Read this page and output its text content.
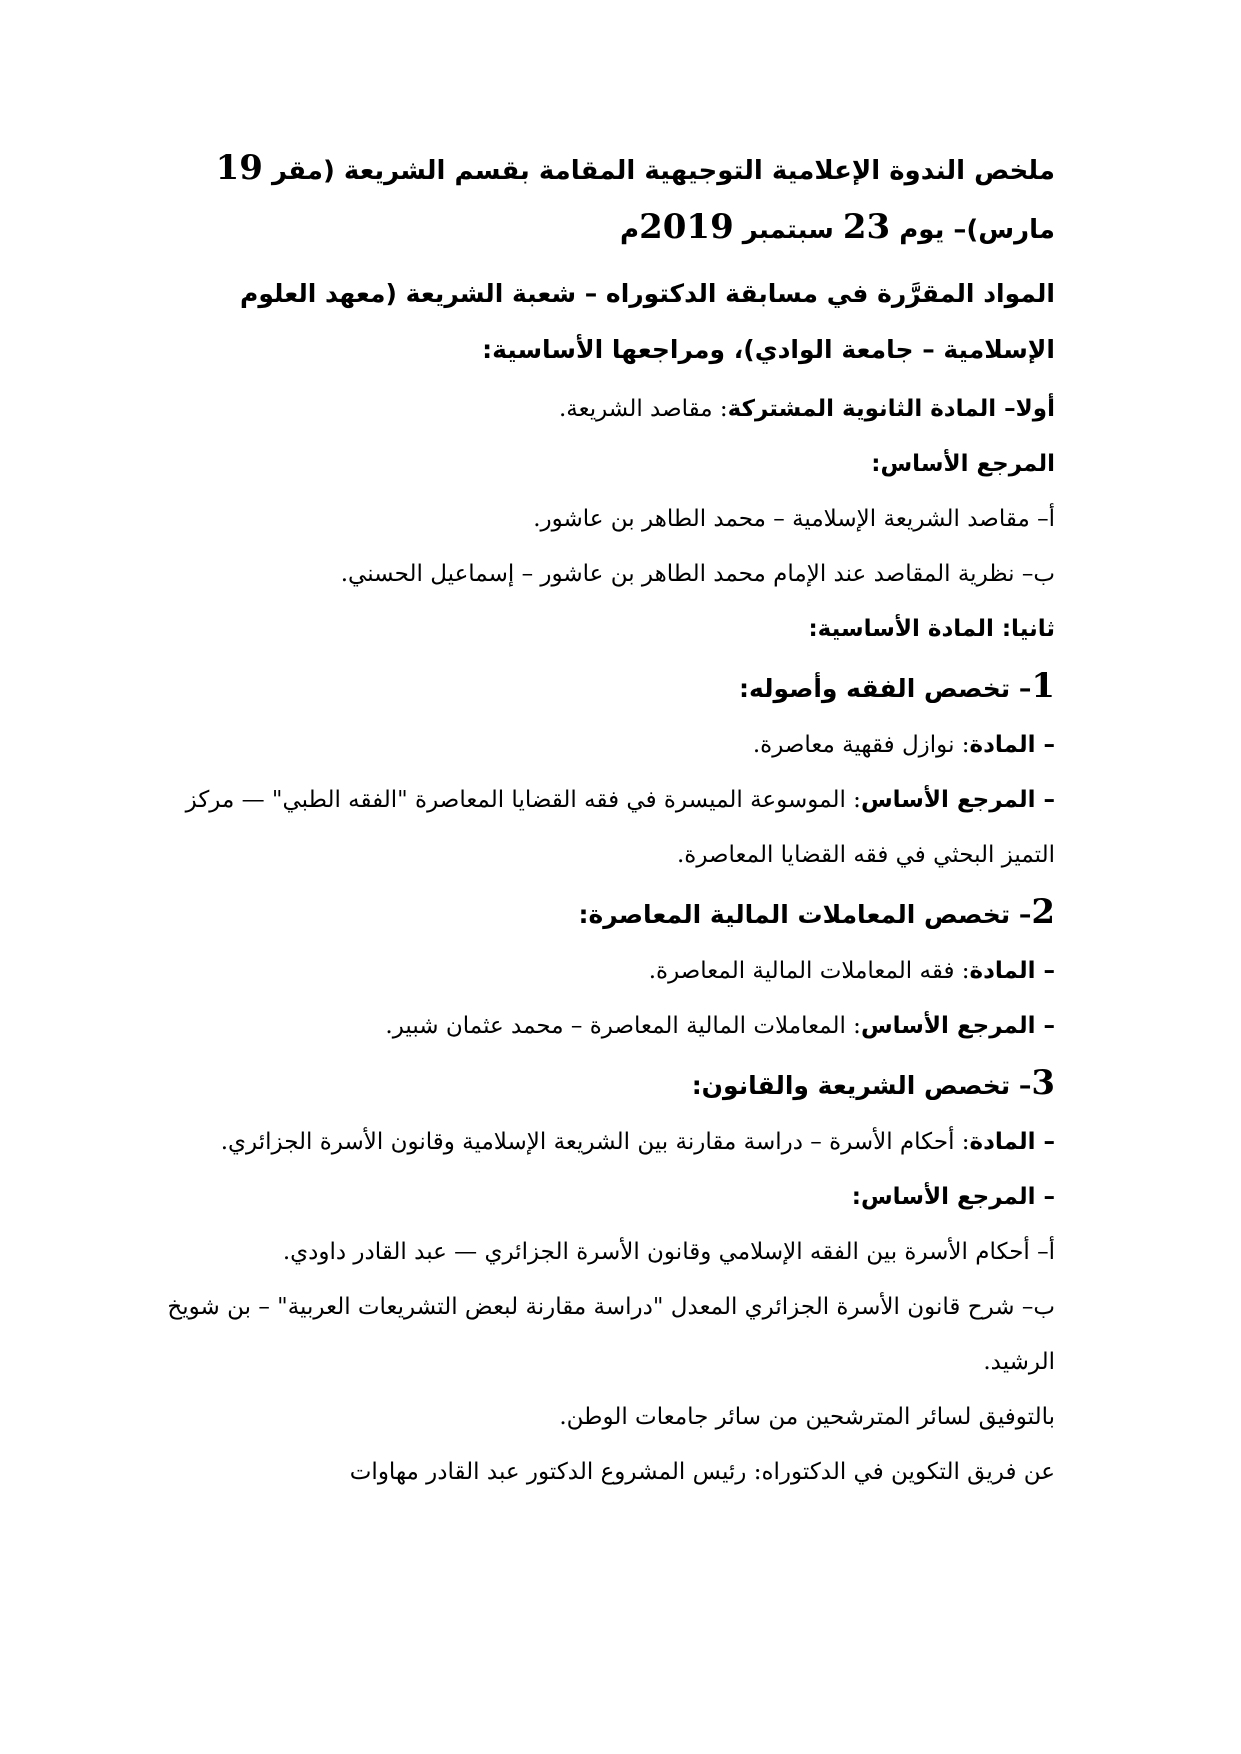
ملخص الندوة الإعلامية التوجيهية المقامة بقسم الشريعة (مقر 19 مارس)– يوم 23 سبتمبر 2019م
المواد المقرَّرة في مسابقة الدكتوراه – شعبة الشريعة (معهد العلوم الإسلامية – جامعة الوادي)، ومراجعها الأساسية:

أولا– المادة الثانوية المشتركة: مقاصد الشريعة.

المرجع الأساس:

أ– مقاصد الشريعة الإسلامية – محمد الطاهر بن عاشور.

ب– نظرية المقاصد عند الإمام محمد الطاهر بن عاشور – إسماعيل الحسني.

ثانيا: المادة الأساسية:

1– تخصص الفقه وأصوله:

– المادة: نوازل فقهية معاصرة.

– المرجع الأساس: الموسوعة الميسرة في فقه القضايا المعاصرة "الفقه الطبي" — مركز التميز البحثي في فقه القضايا المعاصرة.

2– تخصص المعاملات المالية المعاصرة:

– المادة: فقه المعاملات المالية المعاصرة.

– المرجع الأساس: المعاملات المالية المعاصرة – محمد عثمان شبير.

3– تخصص الشريعة والقانون:

– المادة: أحكام الأسرة – دراسة مقارنة بين الشريعة الإسلامية وقانون الأسرة الجزائري.

– المرجع الأساس:

أ– أحكام الأسرة بين الفقه الإسلامي وقانون الأسرة الجزائري — عبد القادر داودي.

ب– شرح قانون الأسرة الجزائري المعدل "دراسة مقارنة لبعض التشريعات العربية" – بن شويخ الرشيد.

بالتوفيق لسائر المترشحين من سائر جامعات الوطن.

عن فريق التكوين في الدكتوراه: رئيس المشروع الدكتور عبد القادر مهاوات
